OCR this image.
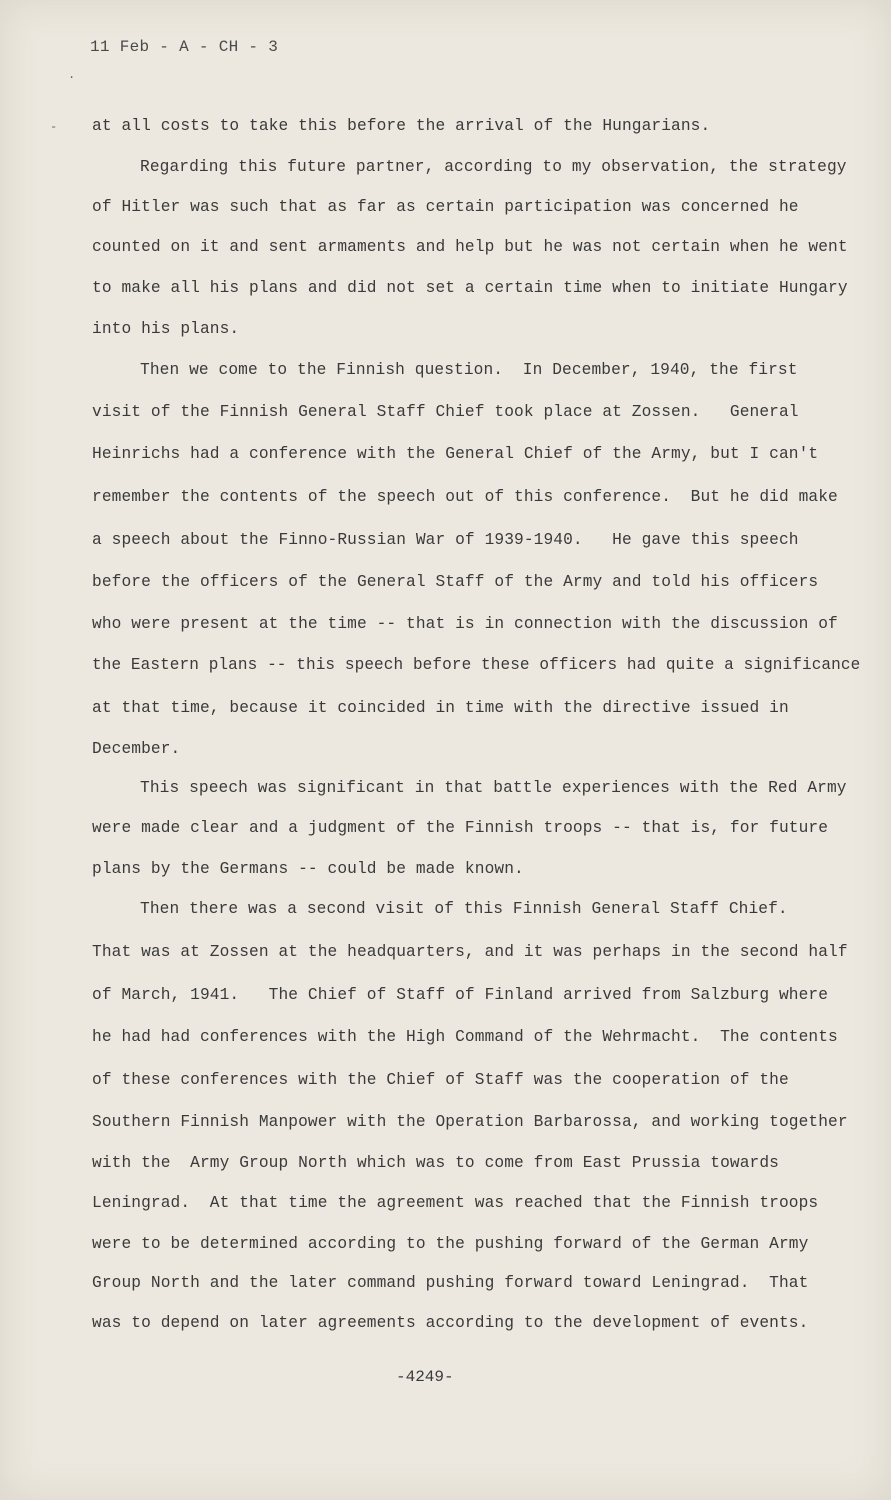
11 Feb - A - CH - 3
-
.
at all costs to take this before the arrival of the Hungarians.
Regarding this future partner, according to my observation, the strategy
of Hitler was such that as far as certain participation was concerned he
counted on it and sent armaments and help but he was not certain when he went
to make all his plans and did not set a certain time when to initiate Hungary
into his plans.
Then we come to the Finnish question.  In December, 1940, the first
visit of the Finnish General Staff Chief took place at Zossen.   General
Heinrichs had a conference with the General Chief of the Army, but I can't
remember the contents of the speech out of this conference.  But he did make
a speech about the Finno-Russian War of 1939-1940.   He gave this speech
before the officers of the General Staff of the Army and told his officers
who were present at the time -- that is in connection with the discussion of
the Eastern plans -- this speech before these officers had quite a significance
at that time, because it coincided in time with the directive issued in
December.
This speech was significant in that battle experiences with the Red Army
were made clear and a judgment of the Finnish troops -- that is, for future
plans by the Germans -- could be made known.
Then there was a second visit of this Finnish General Staff Chief.
That was at Zossen at the headquarters, and it was perhaps in the second half
of March, 1941.   The Chief of Staff of Finland arrived from Salzburg where
he had had conferences with the High Command of the Wehrmacht.  The contents
of these conferences with the Chief of Staff was the cooperation of the
Southern Finnish Manpower with the Operation Barbarossa, and working together
with the  Army Group North which was to come from East Prussia towards
Leningrad.  At that time the agreement was reached that the Finnish troops
were to be determined according to the pushing forward of the German Army
Group North and the later command pushing forward toward Leningrad.  That
was to depend on later agreements according to the development of events.
-4249-
